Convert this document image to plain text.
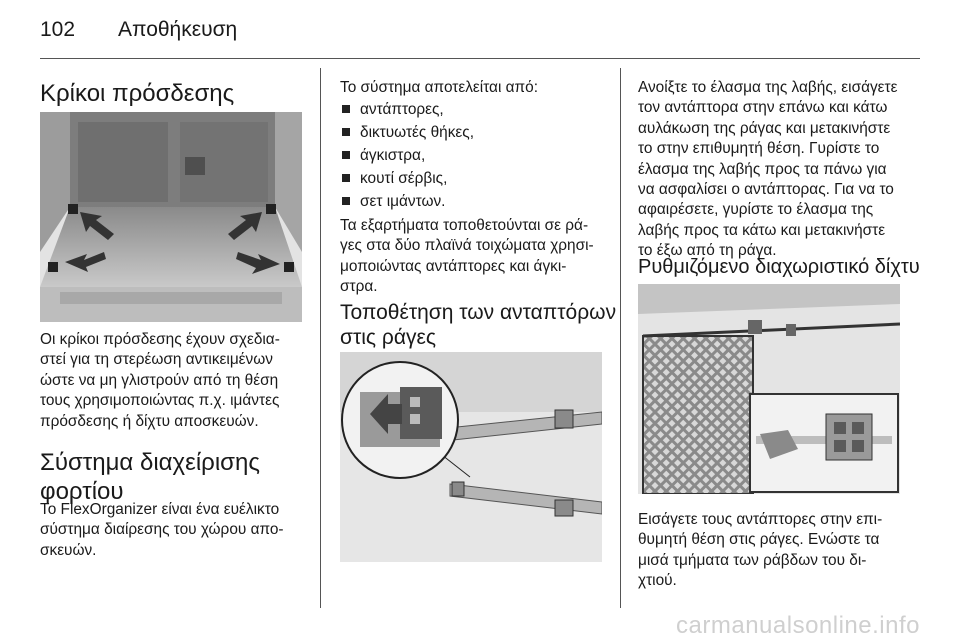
102	Αποθήκευση
Κρίκοι πρόσδεσης

Οι κρίκοι πρόσδεσης έχουν σχεδια-
στεί για τη στερέωση αντικειμένων
ώστε να μη γλιστρούν από τη θέση
τους χρησιμοποιώντας π.χ. ιμάντες
πρόσδεσης ή δίχτυ αποσκευών.

Σύστημα διαχείρισης
φορτίου

Το FlexOrganizer είναι ένα ευέλικτο
σύστημα διαίρεσης του χώρου απο-
σκευών.

Το σύστημα αποτελείται από:

αντάπτορες,
δικτυωτές θήκες,
άγκιστρα,
κουτί σέρβις,
σετ ιμάντων.

Τα εξαρτήματα τοποθετούνται σε ρά-
γες στα δύο πλαϊνά τοιχώματα χρησι-
μοποιώντας αντάπτορες και άγκι-
στρα.

Τοποθέτηση των ανταπτόρων
στις ράγες

Ανοίξτε το έλασμα της λαβής, εισάγετε
τον αντάπτορα στην επάνω και κάτω
αυλάκωση της ράγας και μετακινήστε
το στην επιθυμητή θέση. Γυρίστε το
έλασμα της λαβής προς τα πάνω για
να ασφαλίσει ο αντάπτορας. Για να το
αφαιρέσετε, γυρίστε το έλασμα της
λαβής προς τα κάτω και μετακινήστε
το έξω από τη ράγα.

Ρυθμιζόμενο διαχωριστικό δίχτυ

Εισάγετε τους αντάπτορες στην επι-
θυμητή θέση στις ράγες. Ενώστε τα
μισά τμήματα των ράβδων του δι-
χτιού.

carmanualsonline.info
